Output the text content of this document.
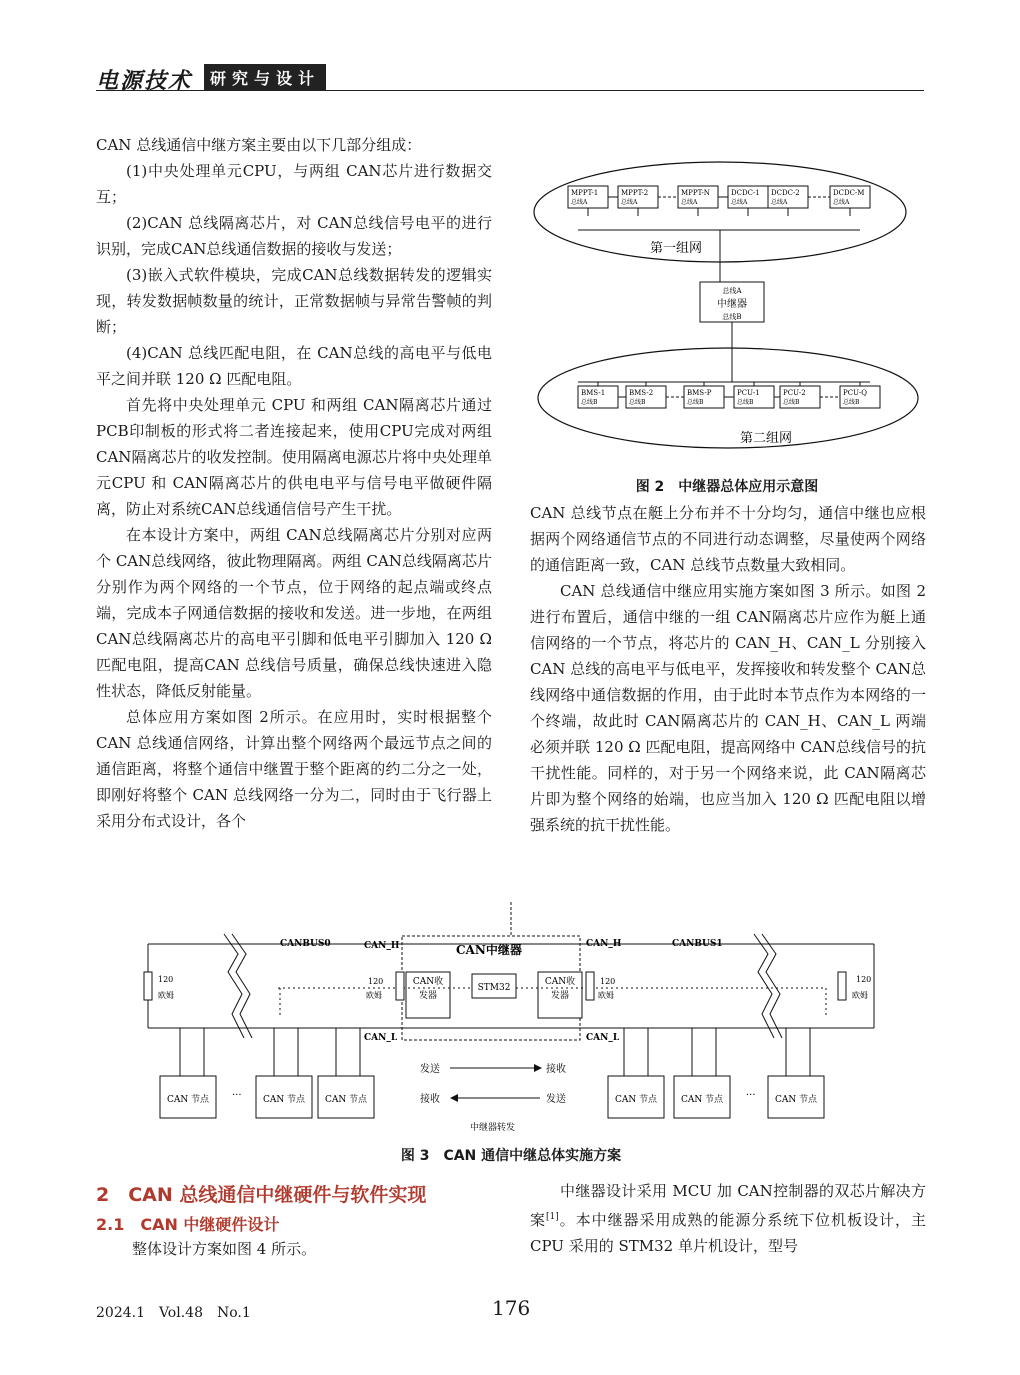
电源技术	研究与设计

CAN 总线通信中继方案主要由以下几部分组成：

(1)中央处理单元CPU，与两组 CAN芯片进行数据交互；

(2)CAN 总线隔离芯片，对 CAN总线信号电平的进行识别，完成CAN总线通信数据的接收与发送；

(3)嵌入式软件模块，完成CAN总线数据转发的逻辑实现，转发数据帧数量的统计，正常数据帧与异常告警帧的判断；

(4)CAN 总线匹配电阻，在 CAN总线的高电平与低电平之间并联 120 Ω 匹配电阻。

首先将中央处理单元 CPU 和两组 CAN隔离芯片通过 PCB印制板的形式将二者连接起来，使用CPU完成对两组 CAN隔离芯片的收发控制。使用隔离电源芯片将中央处理单元CPU 和 CAN隔离芯片的供电电平与信号电平做硬件隔离，防止对系统CAN总线通信信号产生干扰。

在本设计方案中，两组 CAN总线隔离芯片分别对应两个 CAN总线网络，彼此物理隔离。两组 CAN总线隔离芯片分别作为两个网络的一个节点，位于网络的起点端或终点端，完成本子网通信数据的接收和发送。进一步地，在两组 CAN总线隔离芯片的高电平引脚和低电平引脚加入 120 Ω匹配电阻，提高CAN 总线信号质量，确保总线快速进入隐性状态，降低反射能量。

总体应用方案如图 2所示。在应用时，实时根据整个 CAN 总线通信网络，计算出整个网络两个最远节点之间的通信距离，将整个通信中继置于整个距离的约二分之一处，即刚好将整个 CAN 总线网络一分为二，同时由于飞行器上采用分布式设计，各个

MPPT-1
总线A
MPPT-2
总线A
MPPT-N
总线A
DCDC-1
总线A
DCDC-2
总线A
DCDC-M
总线A
第一组网
总线A
中继器
总线B
BMS-1
总线B
BMS-2
总线B
BMS-P
总线B
PCU-1
总线B
PCU-2
总线B
PCU-Q
总线B
第二组网
图 2　中继器总体应用示意图

CAN 总线节点在艇上分布并不十分均匀，通信中继也应根据两个网络通信节点的不同进行动态调整，尽量使两个网络的通信距离一致，CAN 总线节点数量大致相同。

CAN 总线通信中继应用实施方案如图 3 所示。如图 2 进行布置后，通信中继的一组 CAN隔离芯片应作为艇上通信网络的一个节点，将芯片的 CAN_H、CAN_L 分别接入 CAN 总线的高电平与低电平，发挥接收和转发整个 CAN总线网络中通信数据的作用，由于此时本节点作为本网络的一个终端，故此时 CAN隔离芯片的 CAN_H、CAN_L 两端必须并联 120 Ω 匹配电阻，提高网络中 CAN总线信号的抗干扰性能。同样的，对于另一个网络来说，此 CAN隔离芯片即为整个网络的始端，也应当加入 120 Ω 匹配电阻以增强系统的抗干扰性能。

CAN中继器
CANBUS0	CANBUS1
CAN_H	CAN_H
CAN_L	CAN_L
CAN收
发器
CAN收
发器
STM32
120
欧姆
120
欧姆
120
欧姆
120
欧姆
CAN 节点	CAN 节点 CAN 节点	CAN 节点	CAN 节点	CAN 节点
···	···
发送	接收
接收	发送
中继器转发
图 3　CAN 通信中继总体实施方案
2　CAN 总线通信中继硬件与软件实现
2.1　CAN 中继硬件设计
整体设计方案如图 4 所示。

中继器设计采用 MCU 加 CAN控制器的双芯片解决方案[1]。本中继器采用成熟的能源分系统下位机板设计，主 CPU 采用的 STM32 单片机设计，型号

2024.1　Vol.48　No.1	176
